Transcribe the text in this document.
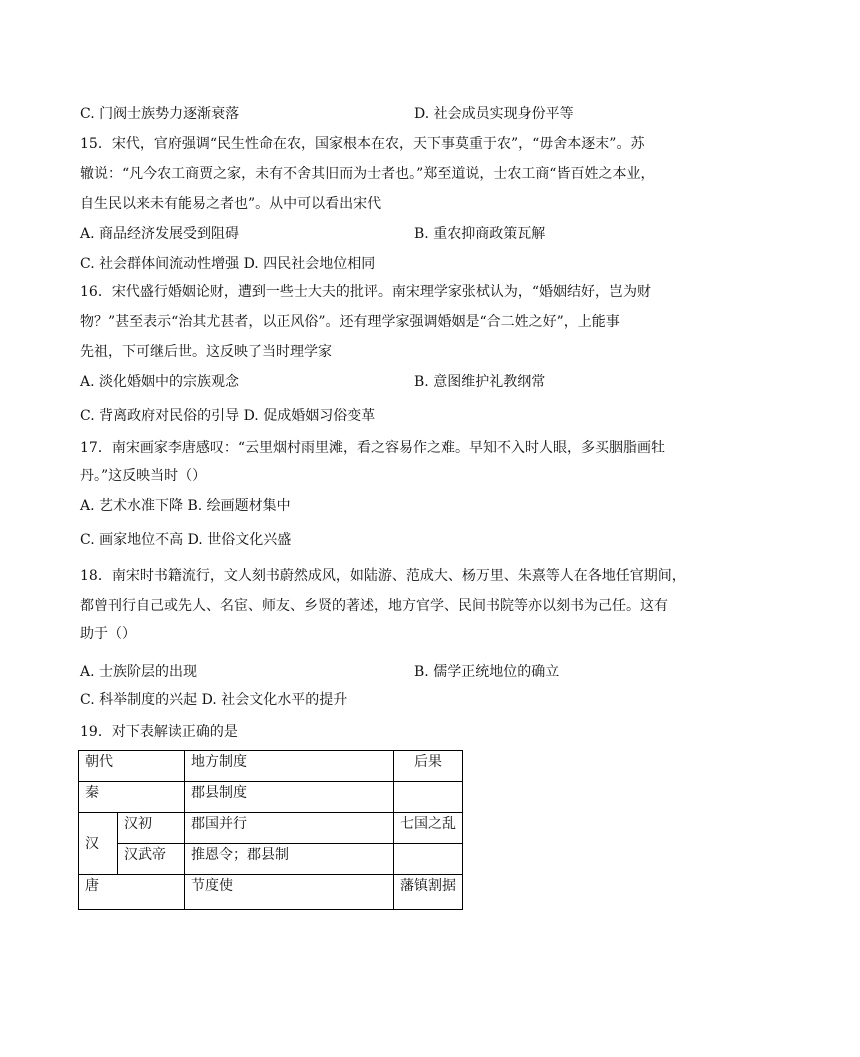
C. 门阀士族势力逐渐衰落	D. 社会成员实现身份平等
15．宋代，官府强调“民生性命在农，国家根本在农，天下事莫重于农”，“毋舍本逐末”。苏
辙说：“凡今农工商贾之家，未有不舍其旧而为士者也。”郑至道说，士农工商“皆百姓之本业，
自生民以来未有能易之者也”。从中可以看出宋代
A. 商品经济发展受到阻碍	B. 重农抑商政策瓦解
C. 社会群体间流动性增强 D. 四民社会地位相同
16．宋代盛行婚姻论财，遭到一些士大夫的批评。南宋理学家张栻认为，“婚姻结好，岂为财
物？”甚至表示“治其尤甚者，以正风俗”。还有理学家强调婚姻是“合二姓之好”，上能事
先祖，下可继后世。这反映了当时理学家
A. 淡化婚姻中的宗族观念	B. 意图维护礼教纲常
C. 背离政府对民俗的引导 D. 促成婚姻习俗变革
17．南宋画家李唐感叹：“云里烟村雨里滩，看之容易作之难。早知不入时人眼，多买胭脂画牡
丹。”这反映当时（）
A. 艺术水准下降 B. 绘画题材集中
C. 画家地位不高 D. 世俗文化兴盛
18．南宋时书籍流行，文人刻书蔚然成风，如陆游、范成大、杨万里、朱熹等人在各地任官期间，
都曾刊行自己或先人、名宦、师友、乡贤的著述，地方官学、民间书院等亦以刻书为己任。这有
助于（）
A. 士族阶层的出现	B. 儒学正统地位的确立
C. 科举制度的兴起 D. 社会文化水平的提升
19．对下表解读正确的是
朝代		地方制度	后果
秦		郡县制度	
汉	汉初	郡国并行	七国之乱
	汉武帝	推恩令；郡县制	
唐		节度使	藩镇割据
